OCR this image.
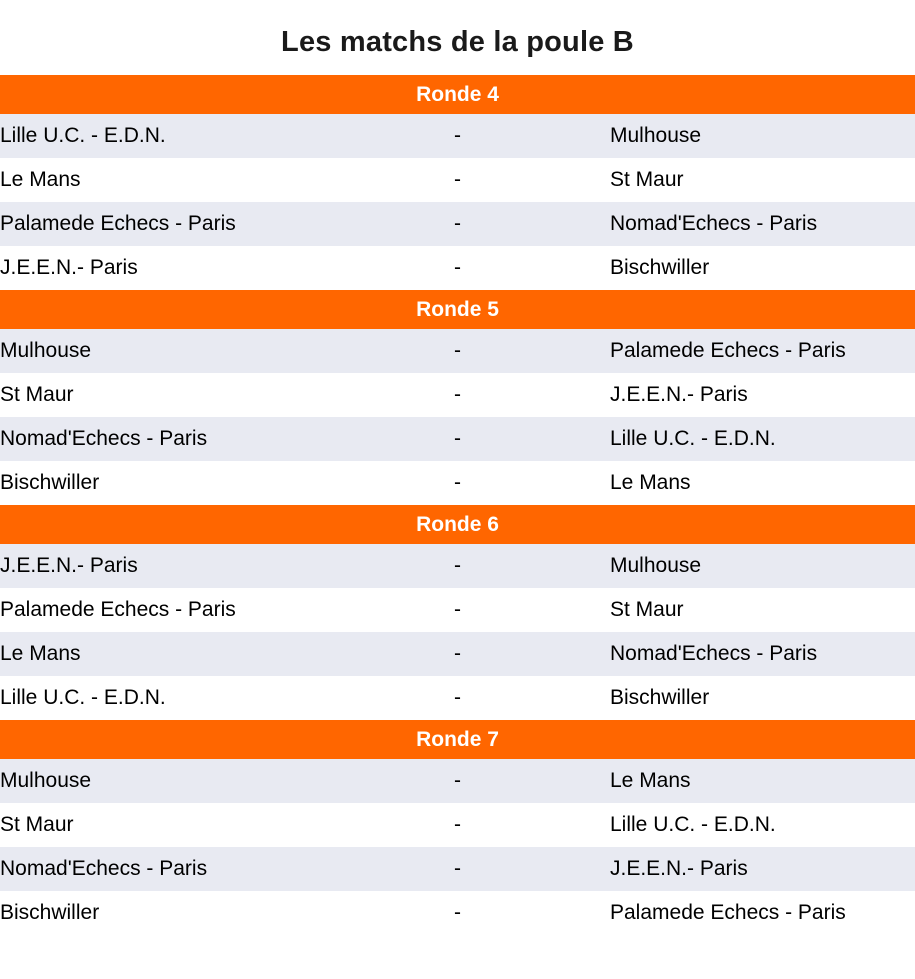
Les matchs de la poule B
Ronde 4		
Lille U.C. - E.D.N.	-	Mulhouse
Le Mans	-	St Maur
Palamede Echecs - Paris	-	Nomad'Echecs - Paris
J.E.E.N.- Paris	-	Bischwiller
Ronde 5		
Mulhouse	-	Palamede Echecs - Paris
St Maur	-	J.E.E.N.- Paris
Nomad'Echecs - Paris	-	Lille U.C. - E.D.N.
Bischwiller	-	Le Mans
Ronde 6		
J.E.E.N.- Paris	-	Mulhouse
Palamede Echecs - Paris	-	St Maur
Le Mans	-	Nomad'Echecs - Paris
Lille U.C. - E.D.N.	-	Bischwiller
Ronde 7		
Mulhouse	-	Le Mans
St Maur	-	Lille U.C. - E.D.N.
Nomad'Echecs - Paris	-	J.E.E.N.- Paris
Bischwiller	-	Palamede Echecs - Paris
